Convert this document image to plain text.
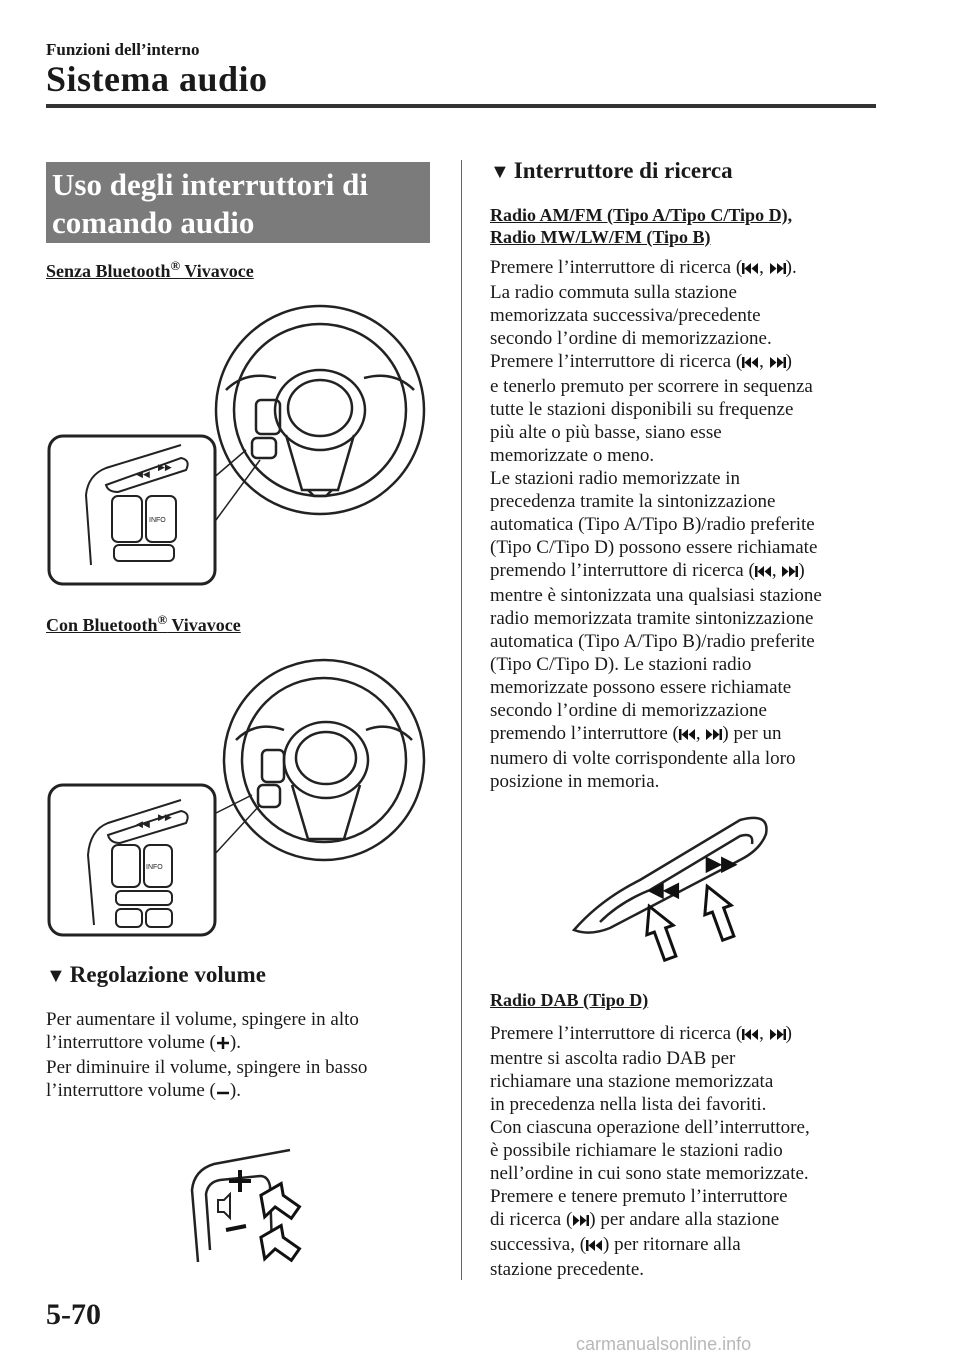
Funzioni dell’interno
Sistema audio
Uso degli interruttori di
comando audio
Senza Bluetooth® Vivavoce
◀◀
▶▶
INFO
Con Bluetooth® Vivavoce
◀◀
▶▶
INFO
▼ Regolazione volume

Per aumentare il volume, spingere in alto

l’interruttore volume ( ).

Per diminuire il volume, spingere in basso

l’interruttore volume ( ).

▼ Interruttore di ricerca
Radio AM/FM (Tipo A/Tipo C/Tipo D),
Radio MW/LW/FM (Tipo B)

Premere l’interruttore di ricerca ( , ).

La radio commuta sulla stazione

memorizzata successiva/precedente

secondo l’ordine di memorizzazione.

Premere l’interruttore di ricerca ( , )

e tenerlo premuto per scorrere in sequenza

tutte le stazioni disponibili su frequenze

più alte o più basse, siano esse

memorizzate o meno.

Le stazioni radio memorizzate in

precedenza tramite la sintonizzazione

automatica (Tipo A/Tipo B)/radio preferite

(Tipo C/Tipo D) possono essere richiamate

premendo l’interruttore di ricerca ( , )

mentre è sintonizzata una qualsiasi stazione

radio memorizzata tramite sintonizzazione

automatica (Tipo A/Tipo B)/radio preferite

(Tipo C/Tipo D). Le stazioni radio

memorizzate possono essere richiamate

secondo l’ordine di memorizzazione

premendo l’interruttore ( , ) per un

numero di volte corrispondente alla loro

posizione in memoria.

◀◀
▶▶
Radio DAB (Tipo D)

Premere l’interruttore di ricerca ( , )

mentre si ascolta radio DAB per

richiamare una stazione memorizzata

in precedenza nella lista dei favoriti.

Con ciascuna operazione dell’interruttore,

è possibile richiamare le stazioni radio

nell’ordine in cui sono state memorizzate.

Premere e tenere premuto l’interruttore

di ricerca ( ) per andare alla stazione

successiva, ( ) per ritornare alla

stazione precedente.

5-70
carmanualsonline.info
